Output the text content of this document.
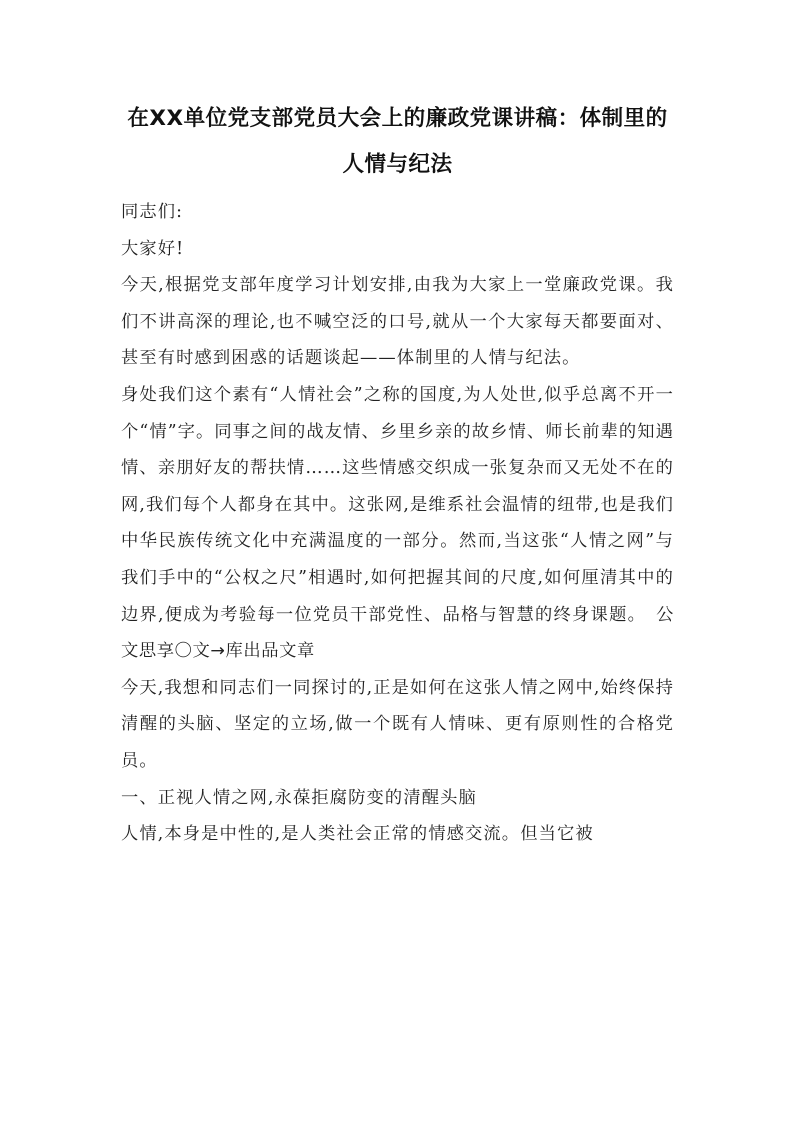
在XX单位党支部党员大会上的廉政党课讲稿：体制里的人情与纪法

同志们:

大家好!

今天,根据党支部年度学习计划安排,由我为大家上一堂廉政党课。我们不讲高深的理论,也不喊空泛的口号,就从一个大家每天都要面对、甚至有时感到困惑的话题谈起——体制里的人情与纪法。

身处我们这个素有“人情社会”之称的国度,为人处世,似乎总离不开一个“情”字。同事之间的战友情、乡里乡亲的故乡情、师长前辈的知遇情、亲朋好友的帮扶情……这些情感交织成一张复杂而又无处不在的网,我们每个人都身在其中。这张网,是维系社会温情的纽带,也是我们中华民族传统文化中充满温度的一部分。然而,当这张“人情之网”与我们手中的“公权之尺”相遇时,如何把握其间的尺度,如何厘清其中的边界,便成为考验每一位党员干部党性、品格与智慧的终身课题。 公文思享〇文→库出品文章

今天,我想和同志们一同探讨的,正是如何在这张人情之网中,始终保持清醒的头脑、坚定的立场,做一个既有人情味、更有原则性的合格党员。

一、正视人情之网,永葆拒腐防变的清醒头脑

人情,本身是中性的,是人类社会正常的情感交流。但当它被
